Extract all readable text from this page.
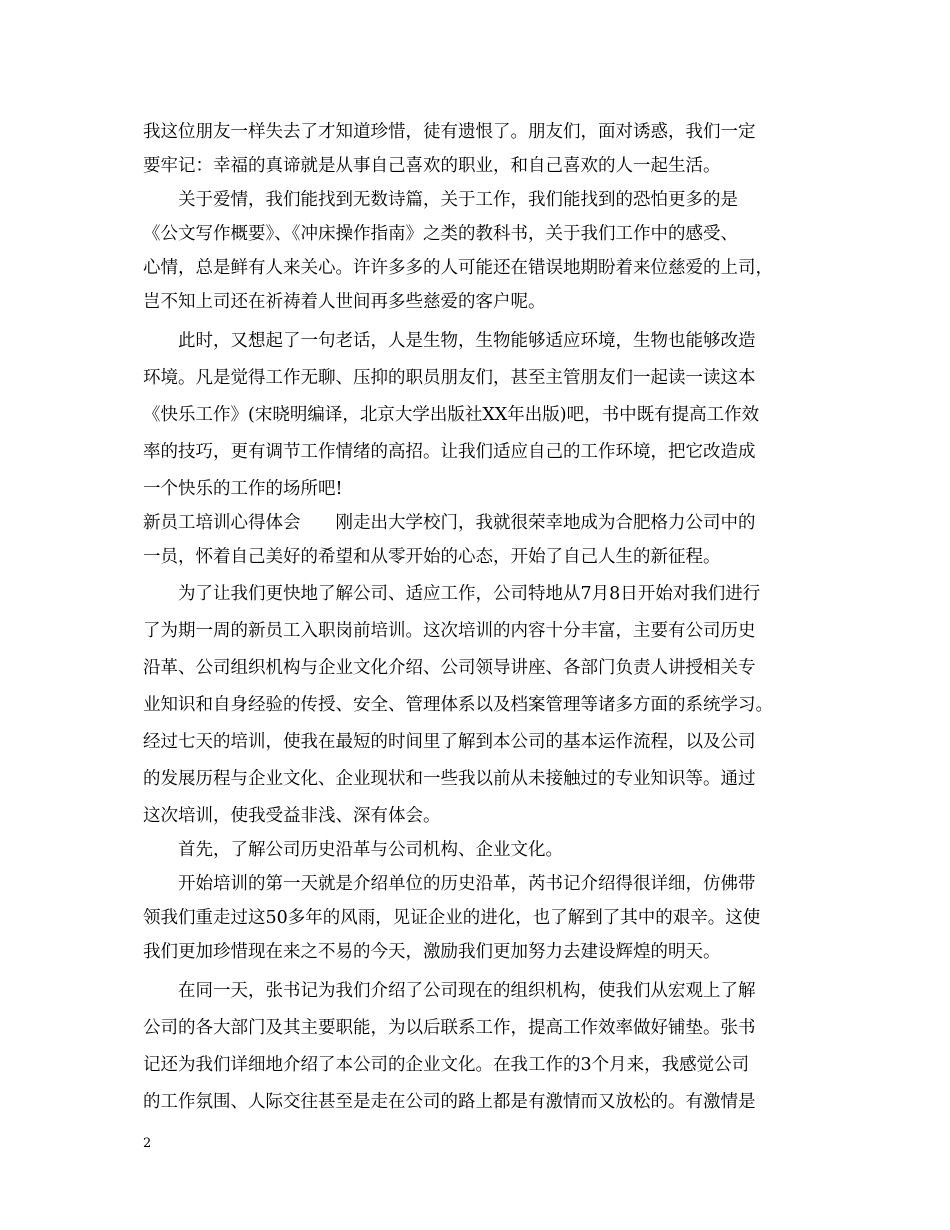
我这位朋友一样失去了才知道珍惜，徒有遗恨了。朋友们，面对诱惑，我们一定
要牢记：幸福的真谛就是从事自己喜欢的职业，和自己喜欢的人一起生活。
关于爱情，我们能找到无数诗篇，关于工作，我们能找到的恐怕更多的是
《公文写作概要》、《冲床操作指南》之类的教科书，关于我们工作中的感受、
心情，总是鲜有人来关心。许许多多的人可能还在错误地期盼着来位慈爱的上司，
岂不知上司还在祈祷着人世间再多些慈爱的客户呢。
此时，又想起了一句老话，人是生物，生物能够适应环境，生物也能够改造
环境。凡是觉得工作无聊、压抑的职员朋友们，甚至主管朋友们一起读一读这本
《快乐工作》(宋晓明编译，北京大学出版社XX年出版)吧，书中既有提高工作效
率的技巧，更有调节工作情绪的高招。让我们适应自己的工作环境，把它改造成
一个快乐的工作的场所吧!
新员工培训心得体会　　刚走出大学校门，我就很荣幸地成为合肥格力公司中的
一员，怀着自己美好的希望和从零开始的心态，开始了自己人生的新征程。
为了让我们更快地了解公司、适应工作，公司特地从7月8日开始对我们进行
了为期一周的新员工入职岗前培训。这次培训的内容十分丰富，主要有公司历史
沿革、公司组织机构与企业文化介绍、公司领导讲座、各部门负责人讲授相关专
业知识和自身经验的传授、安全、管理体系以及档案管理等诸多方面的系统学习。
经过七天的培训，使我在最短的时间里了解到本公司的基本运作流程，以及公司
的发展历程与企业文化、企业现状和一些我以前从未接触过的专业知识等。通过
这次培训，使我受益非浅、深有体会。
首先，了解公司历史沿革与公司机构、企业文化。
开始培训的第一天就是介绍单位的历史沿革，芮书记介绍得很详细，仿佛带
领我们重走过这50多年的风雨，见证企业的进化，也了解到了其中的艰辛。这使
我们更加珍惜现在来之不易的今天，激励我们更加努力去建设辉煌的明天。
在同一天，张书记为我们介绍了公司现在的组织机构，使我们从宏观上了解
公司的各大部门及其主要职能，为以后联系工作，提高工作效率做好铺垫。张书
记还为我们详细地介绍了本公司的企业文化。在我工作的3个月来，我感觉公司
的工作氛围、人际交往甚至是走在公司的路上都是有激情而又放松的。有激情是
2
